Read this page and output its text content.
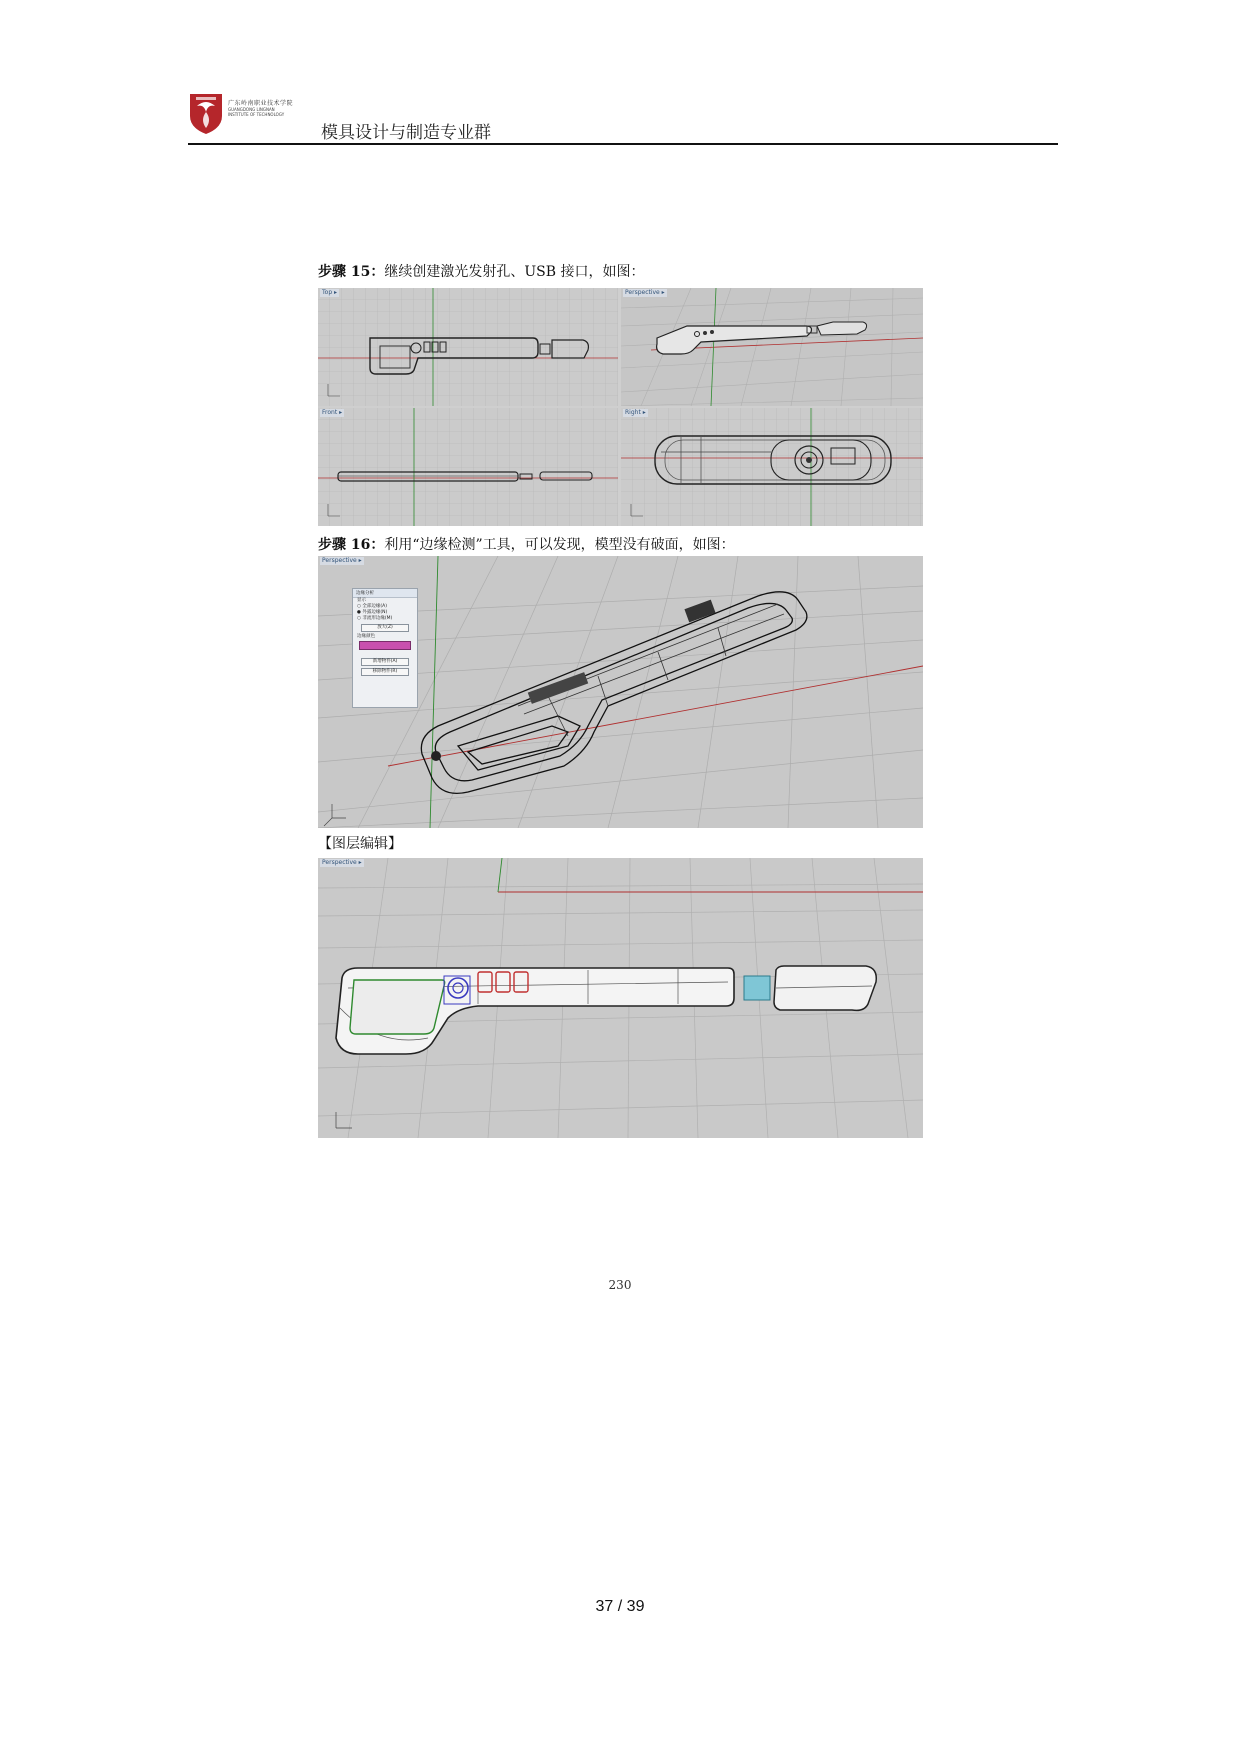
广东岭南职业技术学院
GUANGDONG LINGNAN
INSTITUTE OF TECHNOLOGY
模具设计与制造专业群
步骤 15：继续创建激光发射孔、USB 接口，如图：
Top ▸	Perspective ▸
Front ▸	Right ▸
步骤 16：利用“边缘检测”工具，可以发现，模型没有破面，如图：
Perspective ▸
边缘分析
显示
○ 全部边缘(A)
● 外露边缘(N)
○ 非流形边缘(M)
放大(Z)
边缘颜色
新增物件(A)
移除物件(R)
【图层编辑】
Perspective ▸
230
37 / 39
